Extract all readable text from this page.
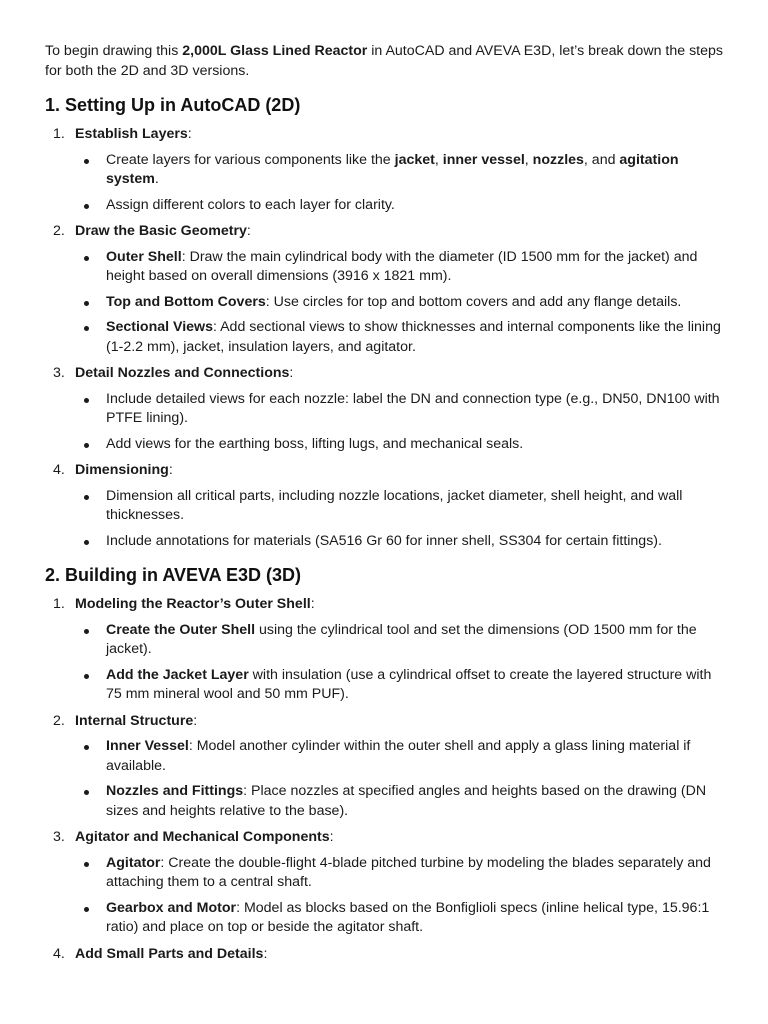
To begin drawing this 2,000L Glass Lined Reactor in AutoCAD and AVEVA E3D, let’s break down the steps for both the 2D and 3D versions.

1. Setting Up in AutoCAD (2D)
1. Establish Layers:
Create layers for various components like the jacket, inner vessel, nozzles, and agitation system.
Assign different colors to each layer for clarity.
2. Draw the Basic Geometry:
Outer Shell: Draw the main cylindrical body with the diameter (ID 1500 mm for the jacket) and height based on overall dimensions (3916 x 1821 mm).
Top and Bottom Covers: Use circles for top and bottom covers and add any flange details.
Sectional Views: Add sectional views to show thicknesses and internal components like the lining (1-2.2 mm), jacket, insulation layers, and agitator.
3. Detail Nozzles and Connections:
Include detailed views for each nozzle: label the DN and connection type (e.g., DN50, DN100 with PTFE lining).
Add views for the earthing boss, lifting lugs, and mechanical seals.
4. Dimensioning:
Dimension all critical parts, including nozzle locations, jacket diameter, shell height, and wall thicknesses.
Include annotations for materials (SA516 Gr 60 for inner shell, SS304 for certain fittings).
2. Building in AVEVA E3D (3D)
1. Modeling the Reactor’s Outer Shell:
Create the Outer Shell using the cylindrical tool and set the dimensions (OD 1500 mm for the jacket).
Add the Jacket Layer with insulation (use a cylindrical offset to create the layered structure with 75 mm mineral wool and 50 mm PUF).
2. Internal Structure:
Inner Vessel: Model another cylinder within the outer shell and apply a glass lining material if available.
Nozzles and Fittings: Place nozzles at specified angles and heights based on the drawing (DN sizes and heights relative to the base).
3. Agitator and Mechanical Components:
Agitator: Create the double-flight 4-blade pitched turbine by modeling the blades separately and attaching them to a central shaft.
Gearbox and Motor: Model as blocks based on the Bonfiglioli specs (inline helical type, 15.96:1 ratio) and place on top or beside the agitator shaft.
4. Add Small Parts and Details:
